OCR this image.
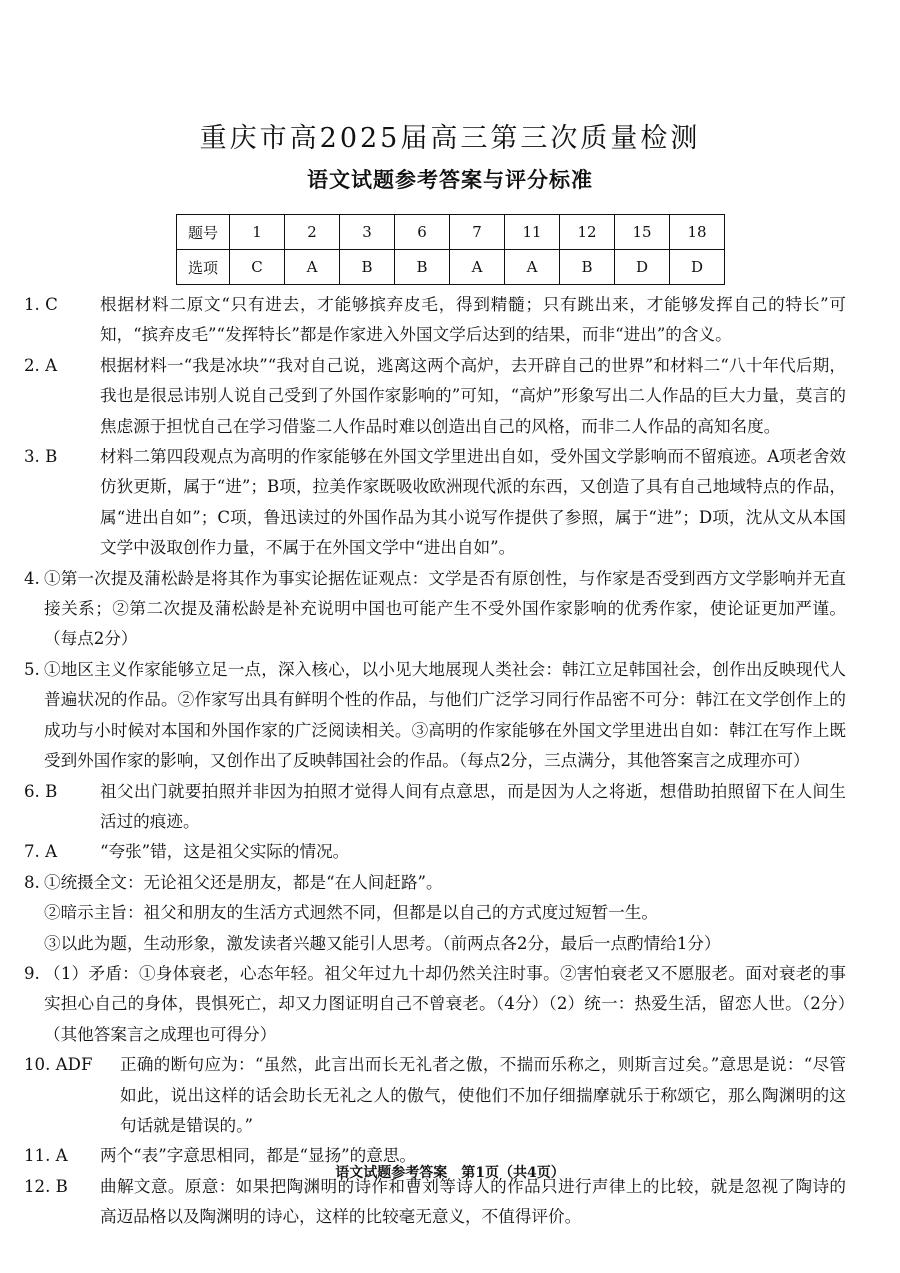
重庆市高2025届高三第三次质量检测
语文试题参考答案与评分标准
题号	1	2	3	6	7	11	12	15	18
选项	C	A	B	B	A	A	B	D	D
1. C	根据材料二原文“只有进去，才能够摈弃皮毛，得到精髓；只有跳出来，才能够发挥自己的特长”可知，“摈弃皮毛”“发挥特长”都是作家进入外国文学后达到的结果，而非“进出”的含义。

2. A	根据材料一“我是冰块”“我对自己说，逃离这两个高炉，去开辟自己的世界”和材料二“八十年代后期，我也是很忌讳别人说自己受到了外国作家影响的”可知，“高炉”形象写出二人作品的巨大力量，莫言的焦虑源于担忧自己在学习借鉴二人作品时难以创造出自己的风格，而非二人作品的高知名度。

3. B	材料二第四段观点为高明的作家能够在外国文学里进出自如，受外国文学影响而不留痕迹。A项老舍效仿狄更斯，属于“进”；B项，拉美作家既吸收欧洲现代派的东西，又创造了具有自己地域特点的作品，属“进出自如”；C项，鲁迅读过的外国作品为其小说写作提供了参照，属于“进”；D项，沈从文从本国文学中汲取创作力量，不属于在外国文学中“进出自如”。

4. ①第一次提及蒲松龄是将其作为事实论据佐证观点：文学是否有原创性，与作家是否受到西方文学影响并无直接关系；②第二次提及蒲松龄是补充说明中国也可能产生不受外国作家影响的优秀作家，使论证更加严谨。（每点2分）

5. ①地区主义作家能够立足一点，深入核心，以小见大地展现人类社会：韩江立足韩国社会，创作出反映现代人普遍状况的作品。②作家写出具有鲜明个性的作品，与他们广泛学习同行作品密不可分：韩江在文学创作上的成功与小时候对本国和外国作家的广泛阅读相关。③高明的作家能够在外国文学里进出自如：韩江在写作上既受到外国作家的影响，又创作出了反映韩国社会的作品。（每点2分，三点满分，其他答案言之成理亦可）

6. B	祖父出门就要拍照并非因为拍照才觉得人间有点意思，而是因为人之将逝，想借助拍照留下在人间生活过的痕迹。

7. A	“夸张”错，这是祖父实际的情况。

8. ①统摄全文：无论祖父还是朋友，都是“在人间赶路”。

②暗示主旨：祖父和朋友的生活方式迥然不同，但都是以自己的方式度过短暂一生。

③以此为题，生动形象，激发读者兴趣又能引人思考。（前两点各2分，最后一点酌情给1分）

9. （1）矛盾：①身体衰老，心态年轻。祖父年过九十却仍然关注时事。②害怕衰老又不愿服老。面对衰老的事实担心自己的身体，畏惧死亡，却又力图证明自己不曾衰老。（4分）（2）统一：热爱生活，留恋人世。（2分）（其他答案言之成理也可得分）

10. ADF 正确的断句应为：“虽然，此言出而长无礼者之傲，不揣而乐称之，则斯言过矣。”意思是说：“尽管如此，说出这样的话会助长无礼之人的傲气，使他们不加仔细揣摩就乐于称颂它，那么陶渊明的这句话就是错误的。”

11. A 两个“表”字意思相同，都是“显扬”的意思。

12. B 曲解文意。原意：如果把陶渊明的诗作和曹刘等诗人的作品只进行声律上的比较，就是忽视了陶诗的高迈品格以及陶渊明的诗心，这样的比较毫无意义，不值得评价。

语文试题参考答案　第1页（共4页）
